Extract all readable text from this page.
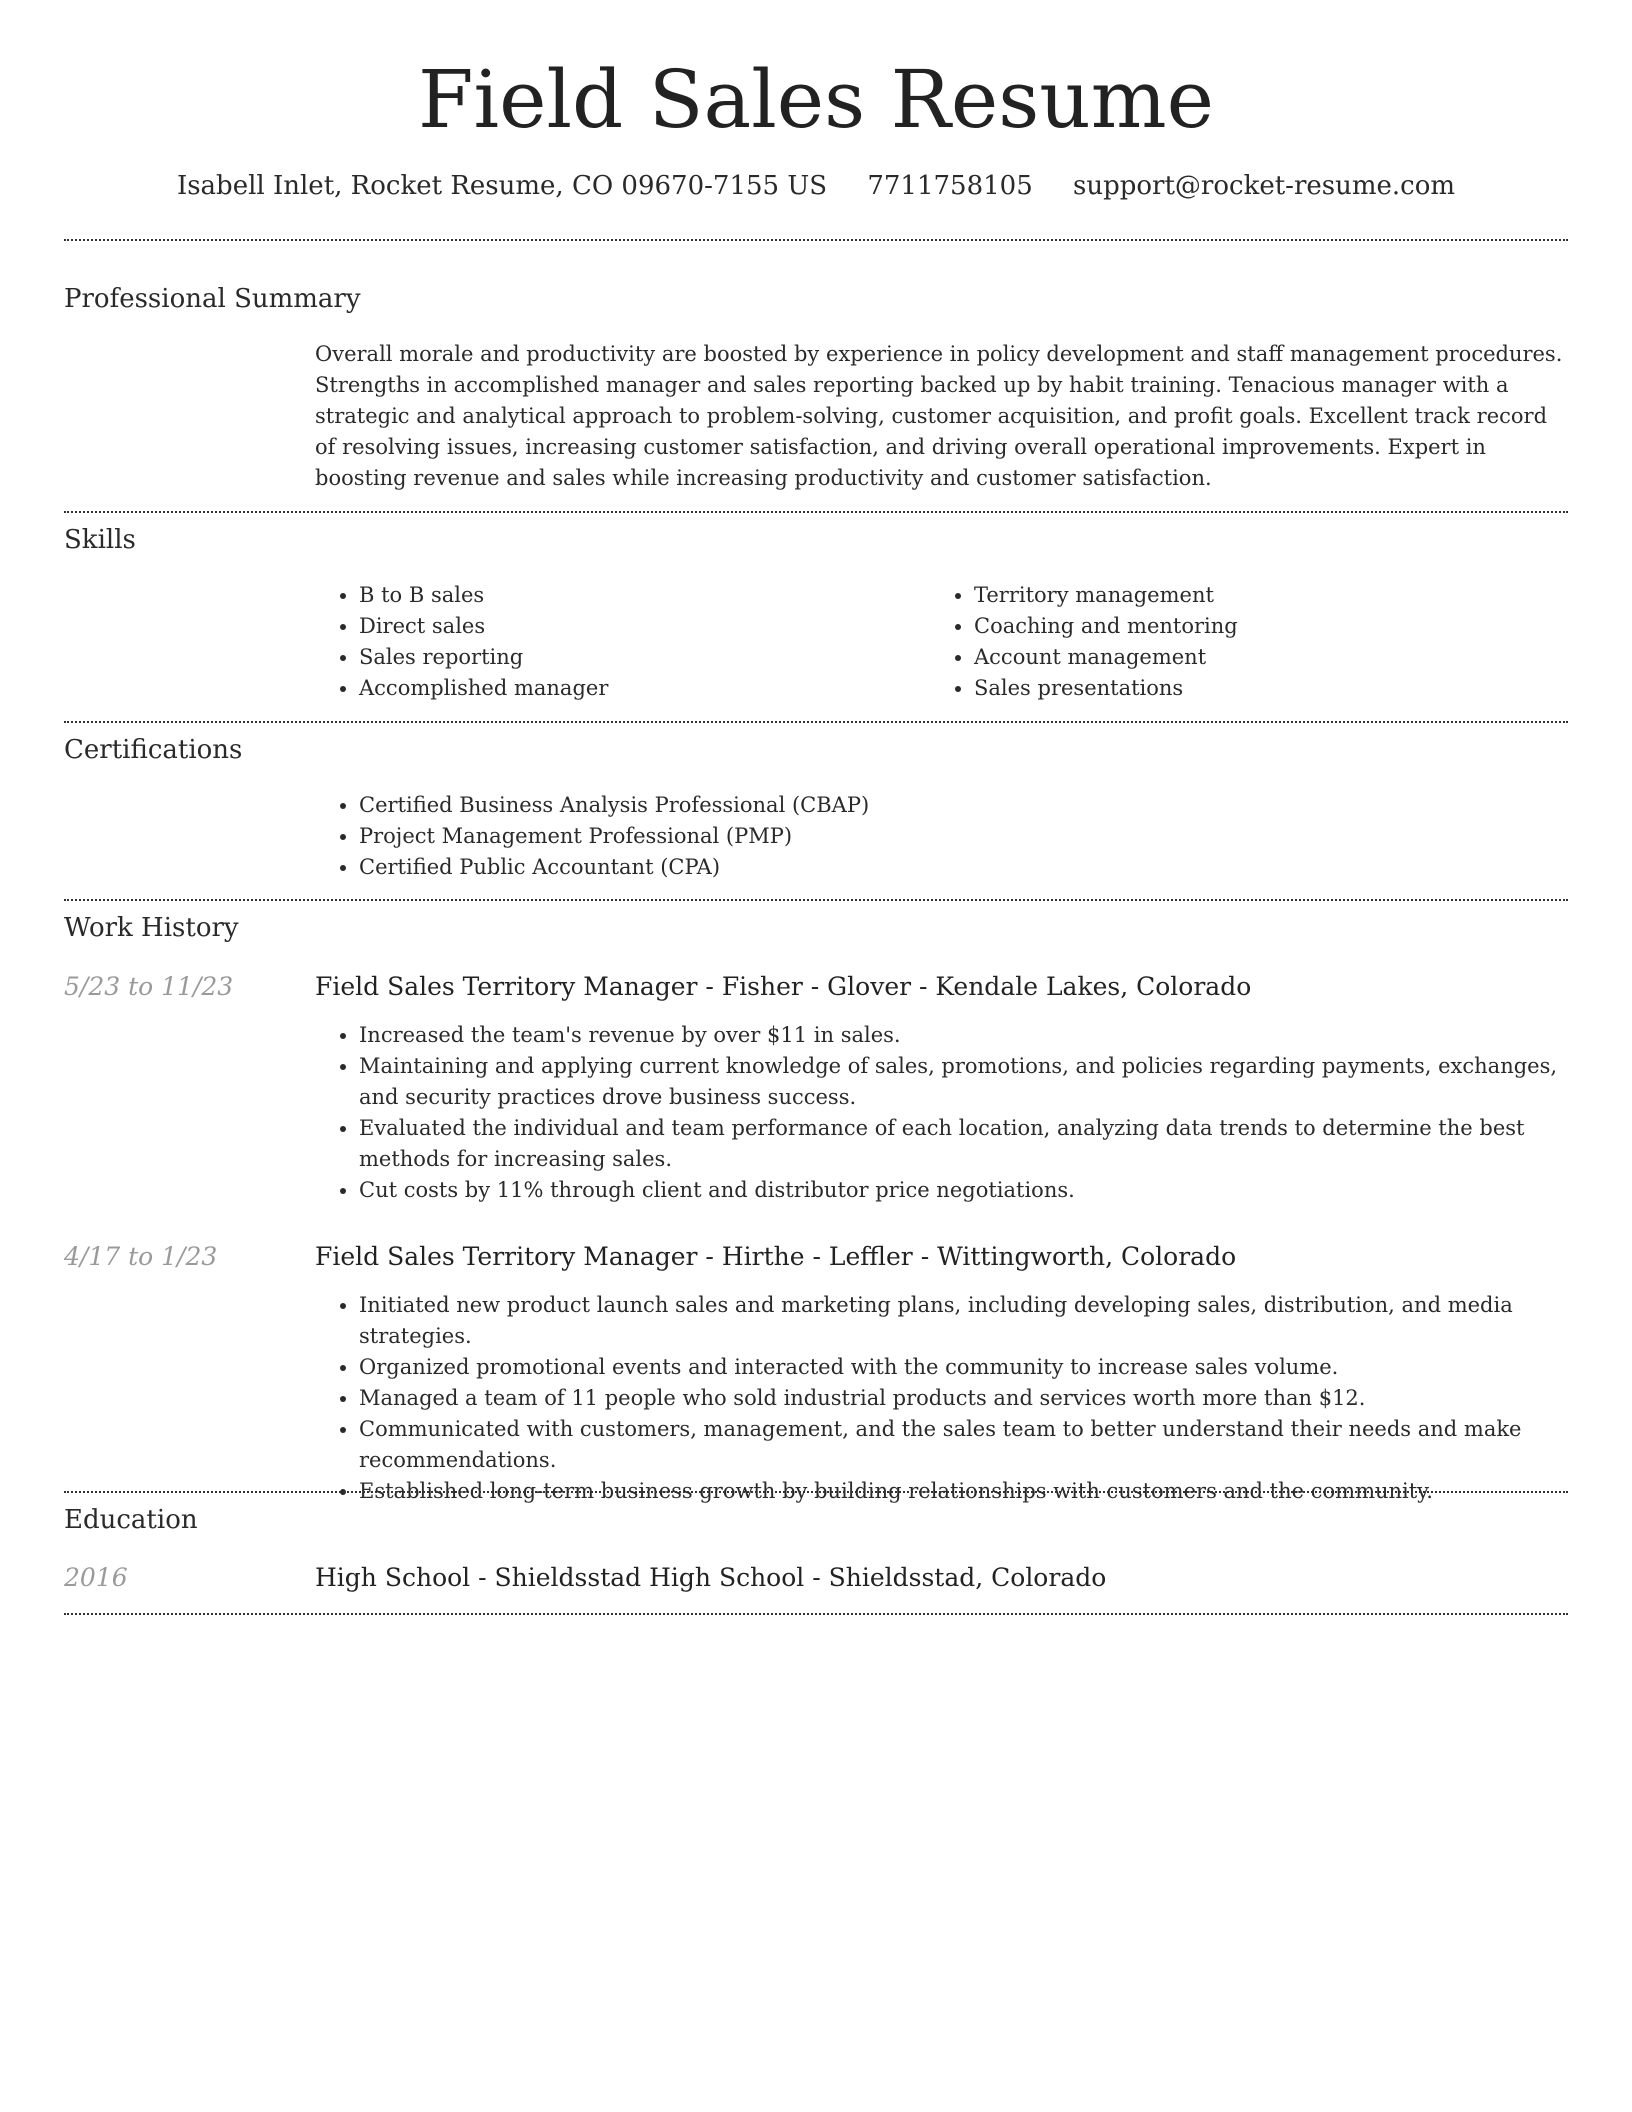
Field Sales Resume
Isabell Inlet, Rocket Resume, CO 09670-7155 US 7711758105 support@rocket-resume.com
Professional Summary

Overall morale and productivity are boosted by experience in policy development and staff management procedures. Strengths in accomplished manager and sales reporting backed up by habit training. Tenacious manager with a strategic and analytical approach to problem-solving, customer acquisition, and profit goals. Excellent track record of resolving issues, increasing customer satisfaction, and driving overall operational improvements. Expert in boosting revenue and sales while increasing productivity and customer satisfaction.

Skills
• B to B sales
• Direct sales
• Sales reporting
• Accomplished manager
• Territory management
• Coaching and mentoring
• Account management
• Sales presentations
Certifications
• Certified Business Analysis Professional (CBAP)
• Project Management Professional (PMP)
• Certified Public Accountant (CPA)
Work History
5/23 to 11/23	Field Sales Territory Manager - Fisher - Glover - Kendale Lakes, Colorado
• Increased the team's revenue by over $11 in sales.
• Maintaining and applying current knowledge of sales, promotions, and policies regarding payments, exchanges, and security practices drove business success.
• Evaluated the individual and team performance of each location, analyzing data trends to determine the best methods for increasing sales.
• Cut costs by 11% through client and distributor price negotiations.
4/17 to 1/23	Field Sales Territory Manager - Hirthe - Leffler - Wittingworth, Colorado
• Initiated new product launch sales and marketing plans, including developing sales, distribution, and media strategies.
• Organized promotional events and interacted with the community to increase sales volume.
• Managed a team of 11 people who sold industrial products and services worth more than $12.
• Communicated with customers, management, and the sales team to better understand their needs and make recommendations.
• Established long-term business growth by building relationships with customers and the community.
Education
2016	High School - Shieldsstad High School - Shieldsstad, Colorado
